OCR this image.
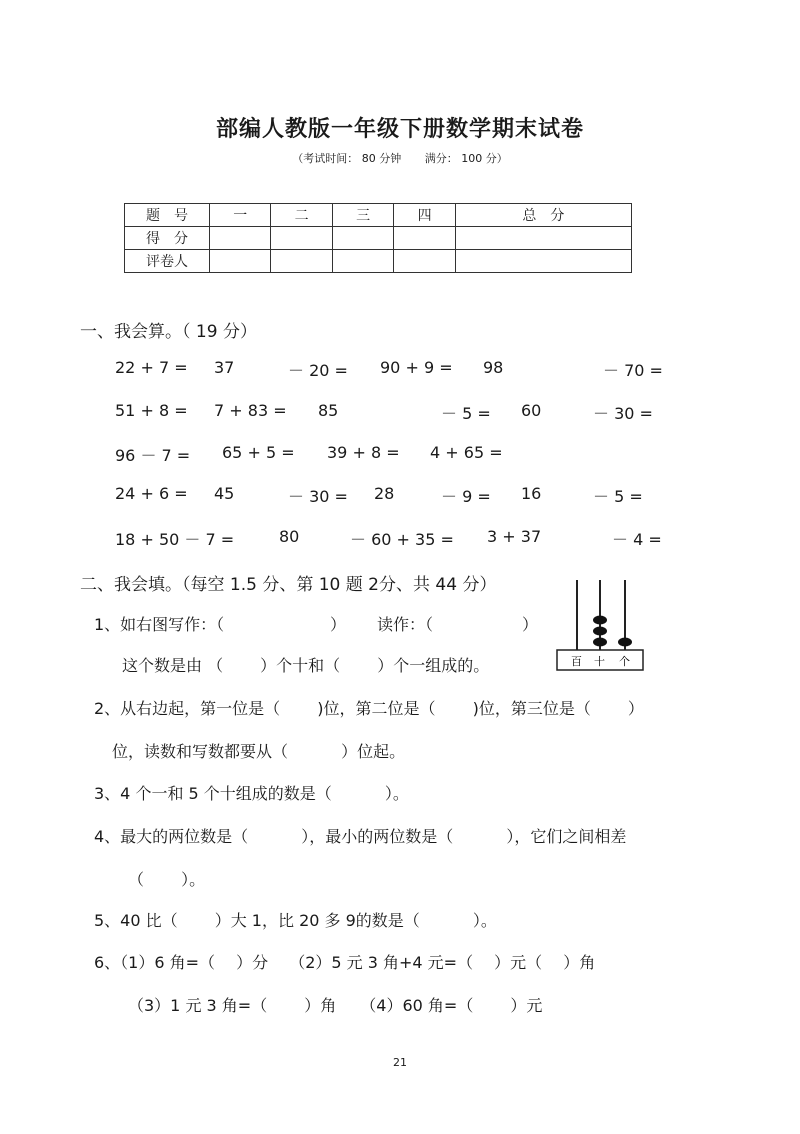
部编人教版一年级下册数学期末试卷
（考试时间： 80 分钟 满分： 100 分）
题　号	一	二	三	四	总　分
得　分					
评卷人					
一、我会算。（ 19 分）
22 + 7 = 37	－ 20 = 90 + 9 = 98	－ 70 =
51 + 8 = 7 + 83 = 85	－ 5 = 60	－ 30 =
96 － 7 = 65 + 5 = 39 + 8 = 4 + 65 =
24 + 6 = 45	－ 30 = 28	－ 9 = 16	－ 5 =
18 + 50 － 7 =	80	－ 60 + 35 = 3 + 37	－ 4 =
二、我会填。（每空 1.5 分、第 10 题 2分、共 44 分）
1、如右图写作：（	） 读作：（	）
这个数是由 （　　 ）个十和（　　 ）个一组成的。	百 十 个
2、从右边起，第一位是（　　 )位，第二位是（　　 )位，第三位是（　　 ）
位，读数和写数都要从（　　　 ）位起。
3、4 个一和 5 个十组成的数是（　　　 ）。
4、最大的两位数是（　　　 ），最小的两位数是（　　　 ），它们之间相差
（　　 ）。
5、40 比（　　 ）大 1，比 20 多 9的数是（　　　 ）。
6、（1）6 角=（　 ）分　 （2）5 元 3 角+4 元=（　 ）元（　 ）角
（3）1 元 3 角=（　　 ）角　　（4）60 角=（　　 ）元
21
